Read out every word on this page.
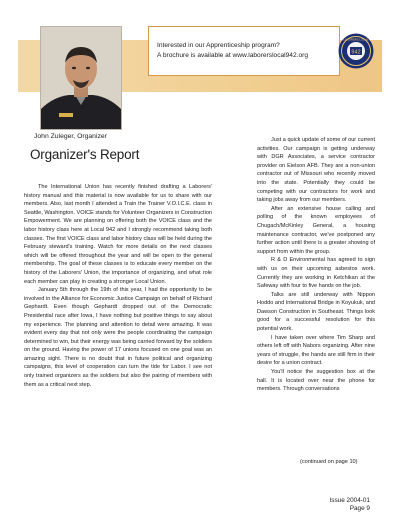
Interested in our Apprenticeship program?
A brochure is available at www.laborerslocal942.org	942
LABORERS LOCAL
John Zuleger, Organizer
Organizer's Report

The International Union has recently finished drafting a Laborers' history manual and this material is now available for us to share with our members. Also, last month I attended a Train the Trainer V.O.I.C.E. class in Seattle, Washington. VOICE stands for Volunteer Organizers in Construction Empowerment. We are planning on offering both the VOICE class and the labor history class here at Local 942 and I strongly recommend taking both classes. The first VOICE class and labor history class will be held during the February steward's training. Watch for more details on the next classes which will be offered throughout the year and will be open to the general membership. The goal of these classes is to educate every member on the history of the Laborers' Union, the importance of organizing, and what role each member can play in creating a stronger Local Union.

January 5th through the 19th of this year, I had the opportunity to be involved in the Alliance for Economic Justice Campaign on behalf of Richard Gephardt. Even though Gephardt dropped out of the Democratic Presidential race after Iowa, I have nothing but positive things to say about my experience. The planning and attention to detail were amazing. It was evident every day that not only were the people coordinating the campaign determined to win, but their energy was being carried forward by the soldiers on the ground. Having the power of 17 unions focused on one goal was an amazing sight. There is no doubt that in future political and organizing campaigns, this level of cooperation can turn the tide for Labor. I see not only trained organizers as the soldiers but also the pairing of members with them as a critical next step.

Just a quick update of some of our current activities. Our campaign is getting underway with DGR Associates, a service contractor provider on Eielson AFB. They are a non-union contractor out of Missouri who recently moved into the state. Potentially they could be competing with our contractors for work and taking jobs away from our members.

After an extensive house calling and polling of the known employees of Chugach/McKinley General, a housing maintenance contractor, we've postponed any further action until there is a greater showing of support from within the group.

R & D Environmental has agreed to sign with us on their upcoming asbestos work. Currently they are working in Ketchikan at the Safeway with four to five hands on the job.

Talks are still underway with Nippon Hoddo and International Bridge in Koyukuk, and Dawson Construction in Southeast. Things look good for a successful resolution for this potential work.

I have taken over where Tim Sharp and others left off with Nabors organizing. After nine years of struggle, the hands are still firm in their desire for a union contract.

You'll notice the suggestion box at the hall. It is located over near the phone for members. Through conversations

(continued on page 10)
Issue 2004-01
Page 9
